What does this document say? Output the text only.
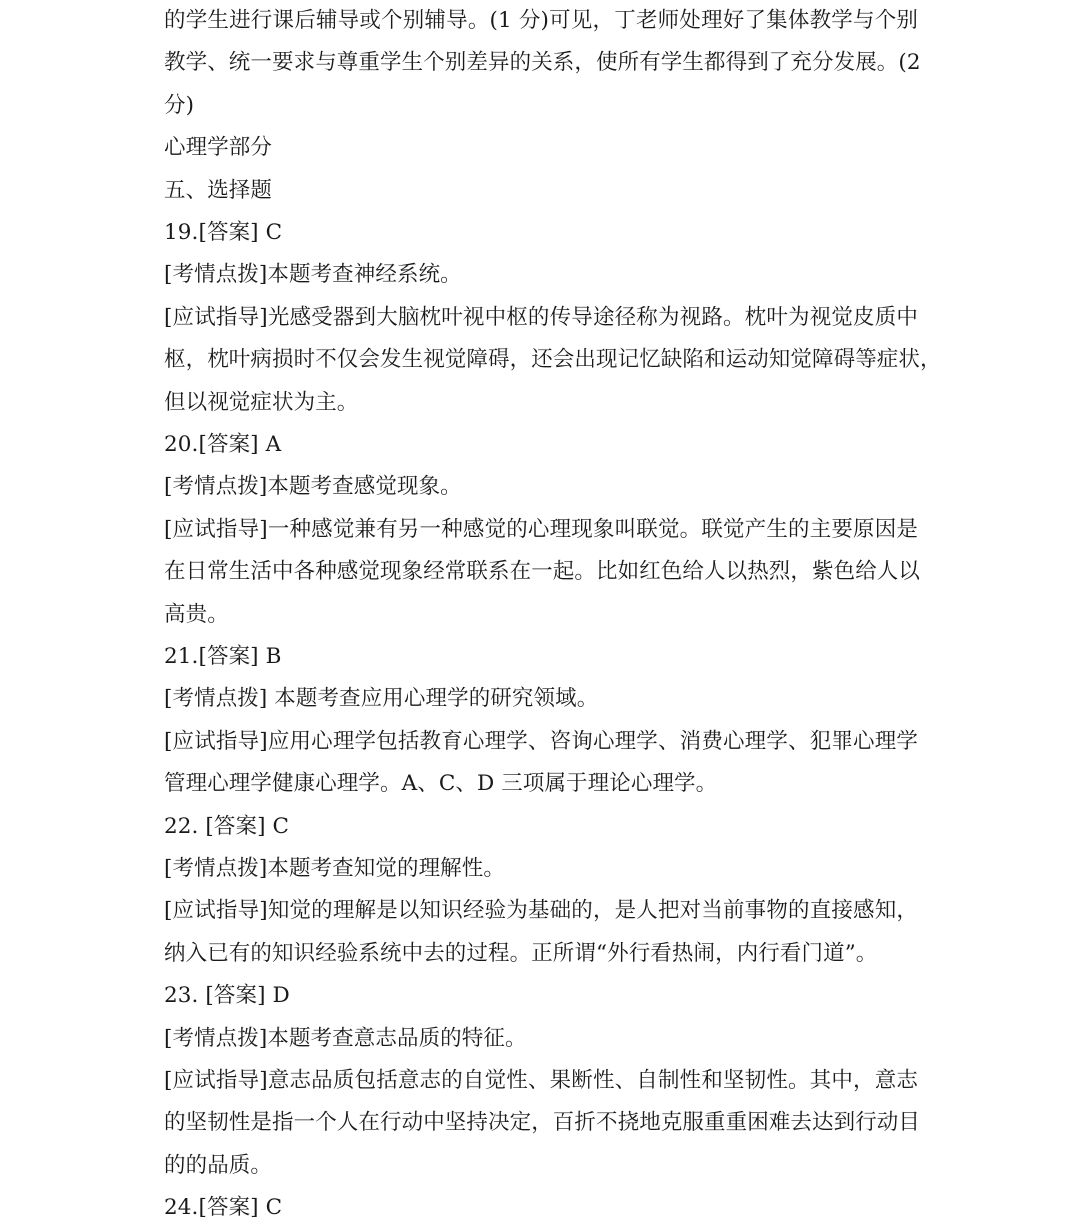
的学生进行课后辅导或个别辅导。(1 分)可见，丁老师处理好了集体教学与个别
教学、统一要求与尊重学生个别差异的关系，使所有学生都得到了充分发展。(2
分)
心理学部分
五、选择题
19.[答案] C
[考情点拨]本题考查神经系统。
[应试指导]光感受器到大脑枕叶视中枢的传导途径称为视路。枕叶为视觉皮质中
枢，枕叶病损时不仅会发生视觉障碍，还会出现记忆缺陷和运动知觉障碍等症状，
但以视觉症状为主。
20.[答案] A
[考情点拨]本题考查感觉现象。
[应试指导]一种感觉兼有另一种感觉的心理现象叫联觉。联觉产生的主要原因是
在日常生活中各种感觉现象经常联系在一起。比如红色给人以热烈，紫色给人以
高贵。
21.[答案] B
[考情点拨] 本题考查应用心理学的研究领域。
[应试指导]应用心理学包括教育心理学、咨询心理学、消费心理学、犯罪心理学
管理心理学健康心理学。A、C、D 三项属于理论心理学。
22. [答案] C
[考情点拨]本题考查知觉的理解性。
[应试指导]知觉的理解是以知识经验为基础的，是人把对当前事物的直接感知，
纳入已有的知识经验系统中去的过程。正所谓“外行看热闹，内行看门道”。
23. [答案] D
[考情点拨]本题考查意志品质的特征。
[应试指导]意志品质包括意志的自觉性、果断性、自制性和坚韧性。其中，意志
的坚韧性是指一个人在行动中坚持决定，百折不挠地克服重重困难去达到行动目
的的品质。
24.[答案] C
